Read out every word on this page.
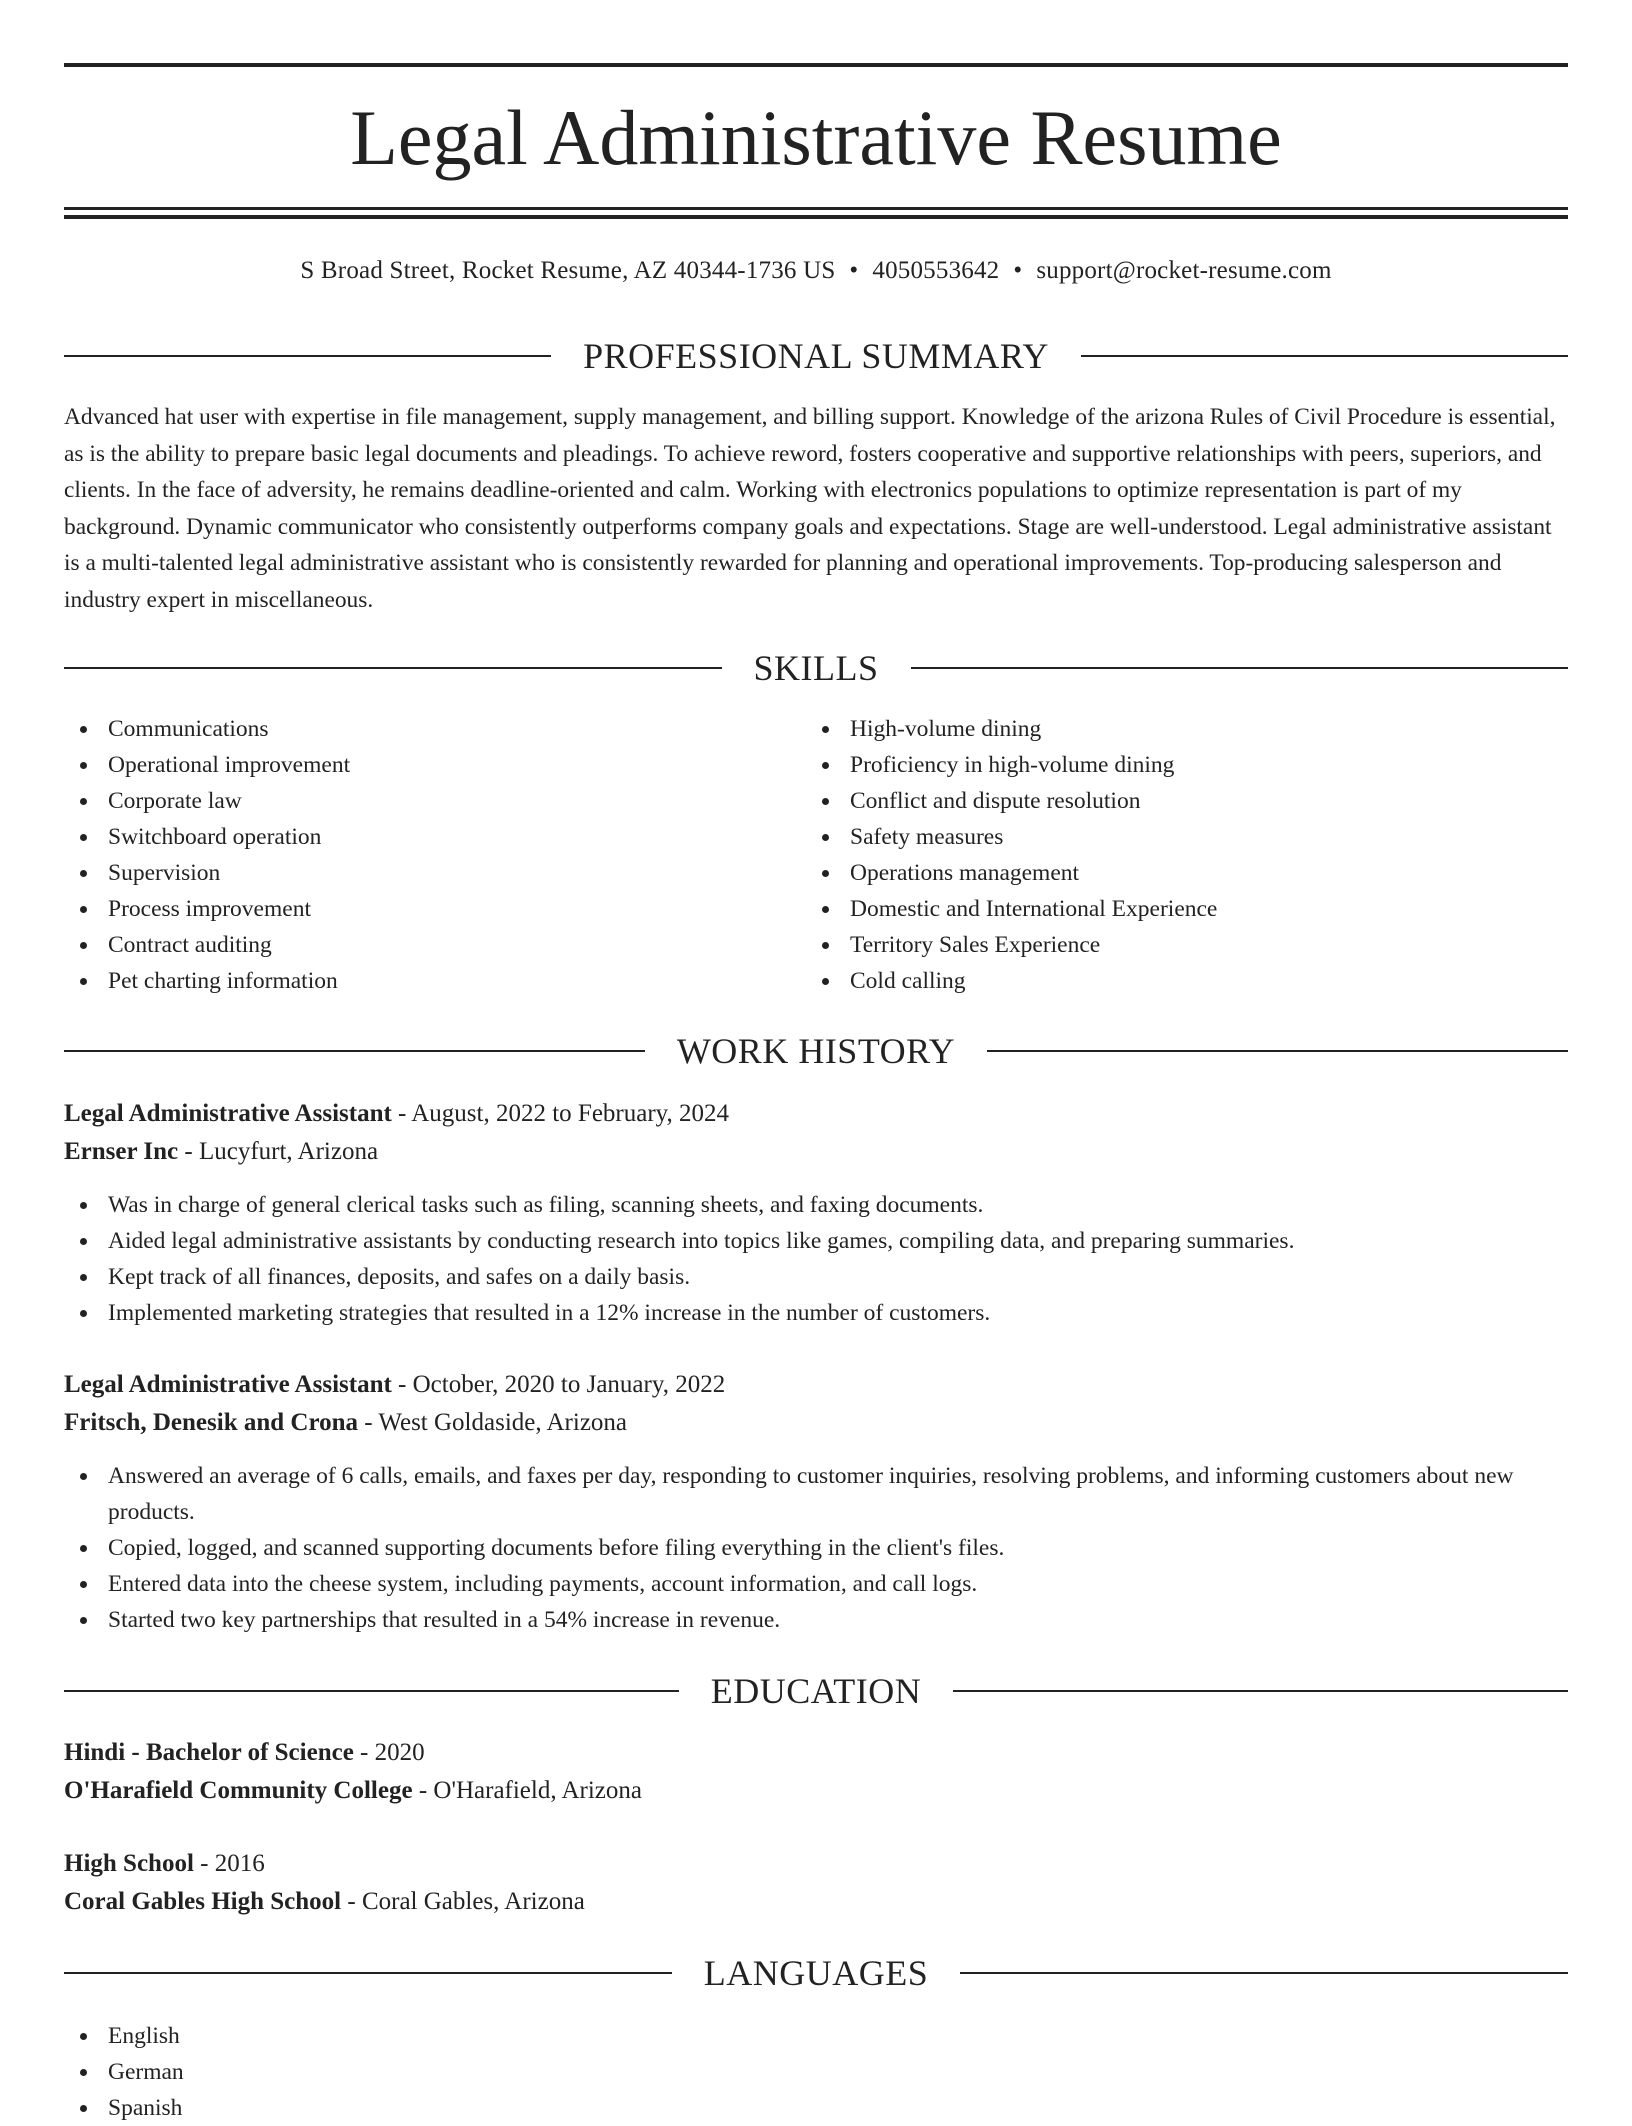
Legal Administrative Resume
S Broad Street, Rocket Resume, AZ 40344-1736 US • 4050553642 • support@rocket-resume.com
PROFESSIONAL SUMMARY

Advanced hat user with expertise in file management, supply management, and billing support. Knowledge of the arizona Rules of Civil Procedure is essential, as is the ability to prepare basic legal documents and pleadings. To achieve reword, fosters cooperative and supportive relationships with peers, superiors, and clients. In the face of adversity, he remains deadline-oriented and calm. Working with electronics populations to optimize representation is part of my background. Dynamic communicator who consistently outperforms company goals and expectations. Stage are well-understood. Legal administrative assistant is a multi-talented legal administrative assistant who is consistently rewarded for planning and operational improvements. Top-producing salesperson and industry expert in miscellaneous.

SKILLS
Communications
Operational improvement
Corporate law
Switchboard operation
Supervision
Process improvement
Contract auditing
Pet charting information
High-volume dining
Proficiency in high-volume dining
Conflict and dispute resolution
Safety measures
Operations management
Domestic and International Experience
Territory Sales Experience
Cold calling
WORK HISTORY
Legal Administrative Assistant - August, 2022 to February, 2024
Ernser Inc - Lucyfurt, Arizona
Was in charge of general clerical tasks such as filing, scanning sheets, and faxing documents.
Aided legal administrative assistants by conducting research into topics like games, compiling data, and preparing summaries.
Kept track of all finances, deposits, and safes on a daily basis.
Implemented marketing strategies that resulted in a 12% increase in the number of customers.
Legal Administrative Assistant - October, 2020 to January, 2022
Fritsch, Denesik and Crona - West Goldaside, Arizona
Answered an average of 6 calls, emails, and faxes per day, responding to customer inquiries, resolving problems, and informing customers about new products.
Copied, logged, and scanned supporting documents before filing everything in the client's files.
Entered data into the cheese system, including payments, account information, and call logs.
Started two key partnerships that resulted in a 54% increase in revenue.
EDUCATION
Hindi - Bachelor of Science - 2020
O'Harafield Community College - O'Harafield, Arizona
High School - 2016
Coral Gables High School - Coral Gables, Arizona
LANGUAGES
English
German
Spanish
